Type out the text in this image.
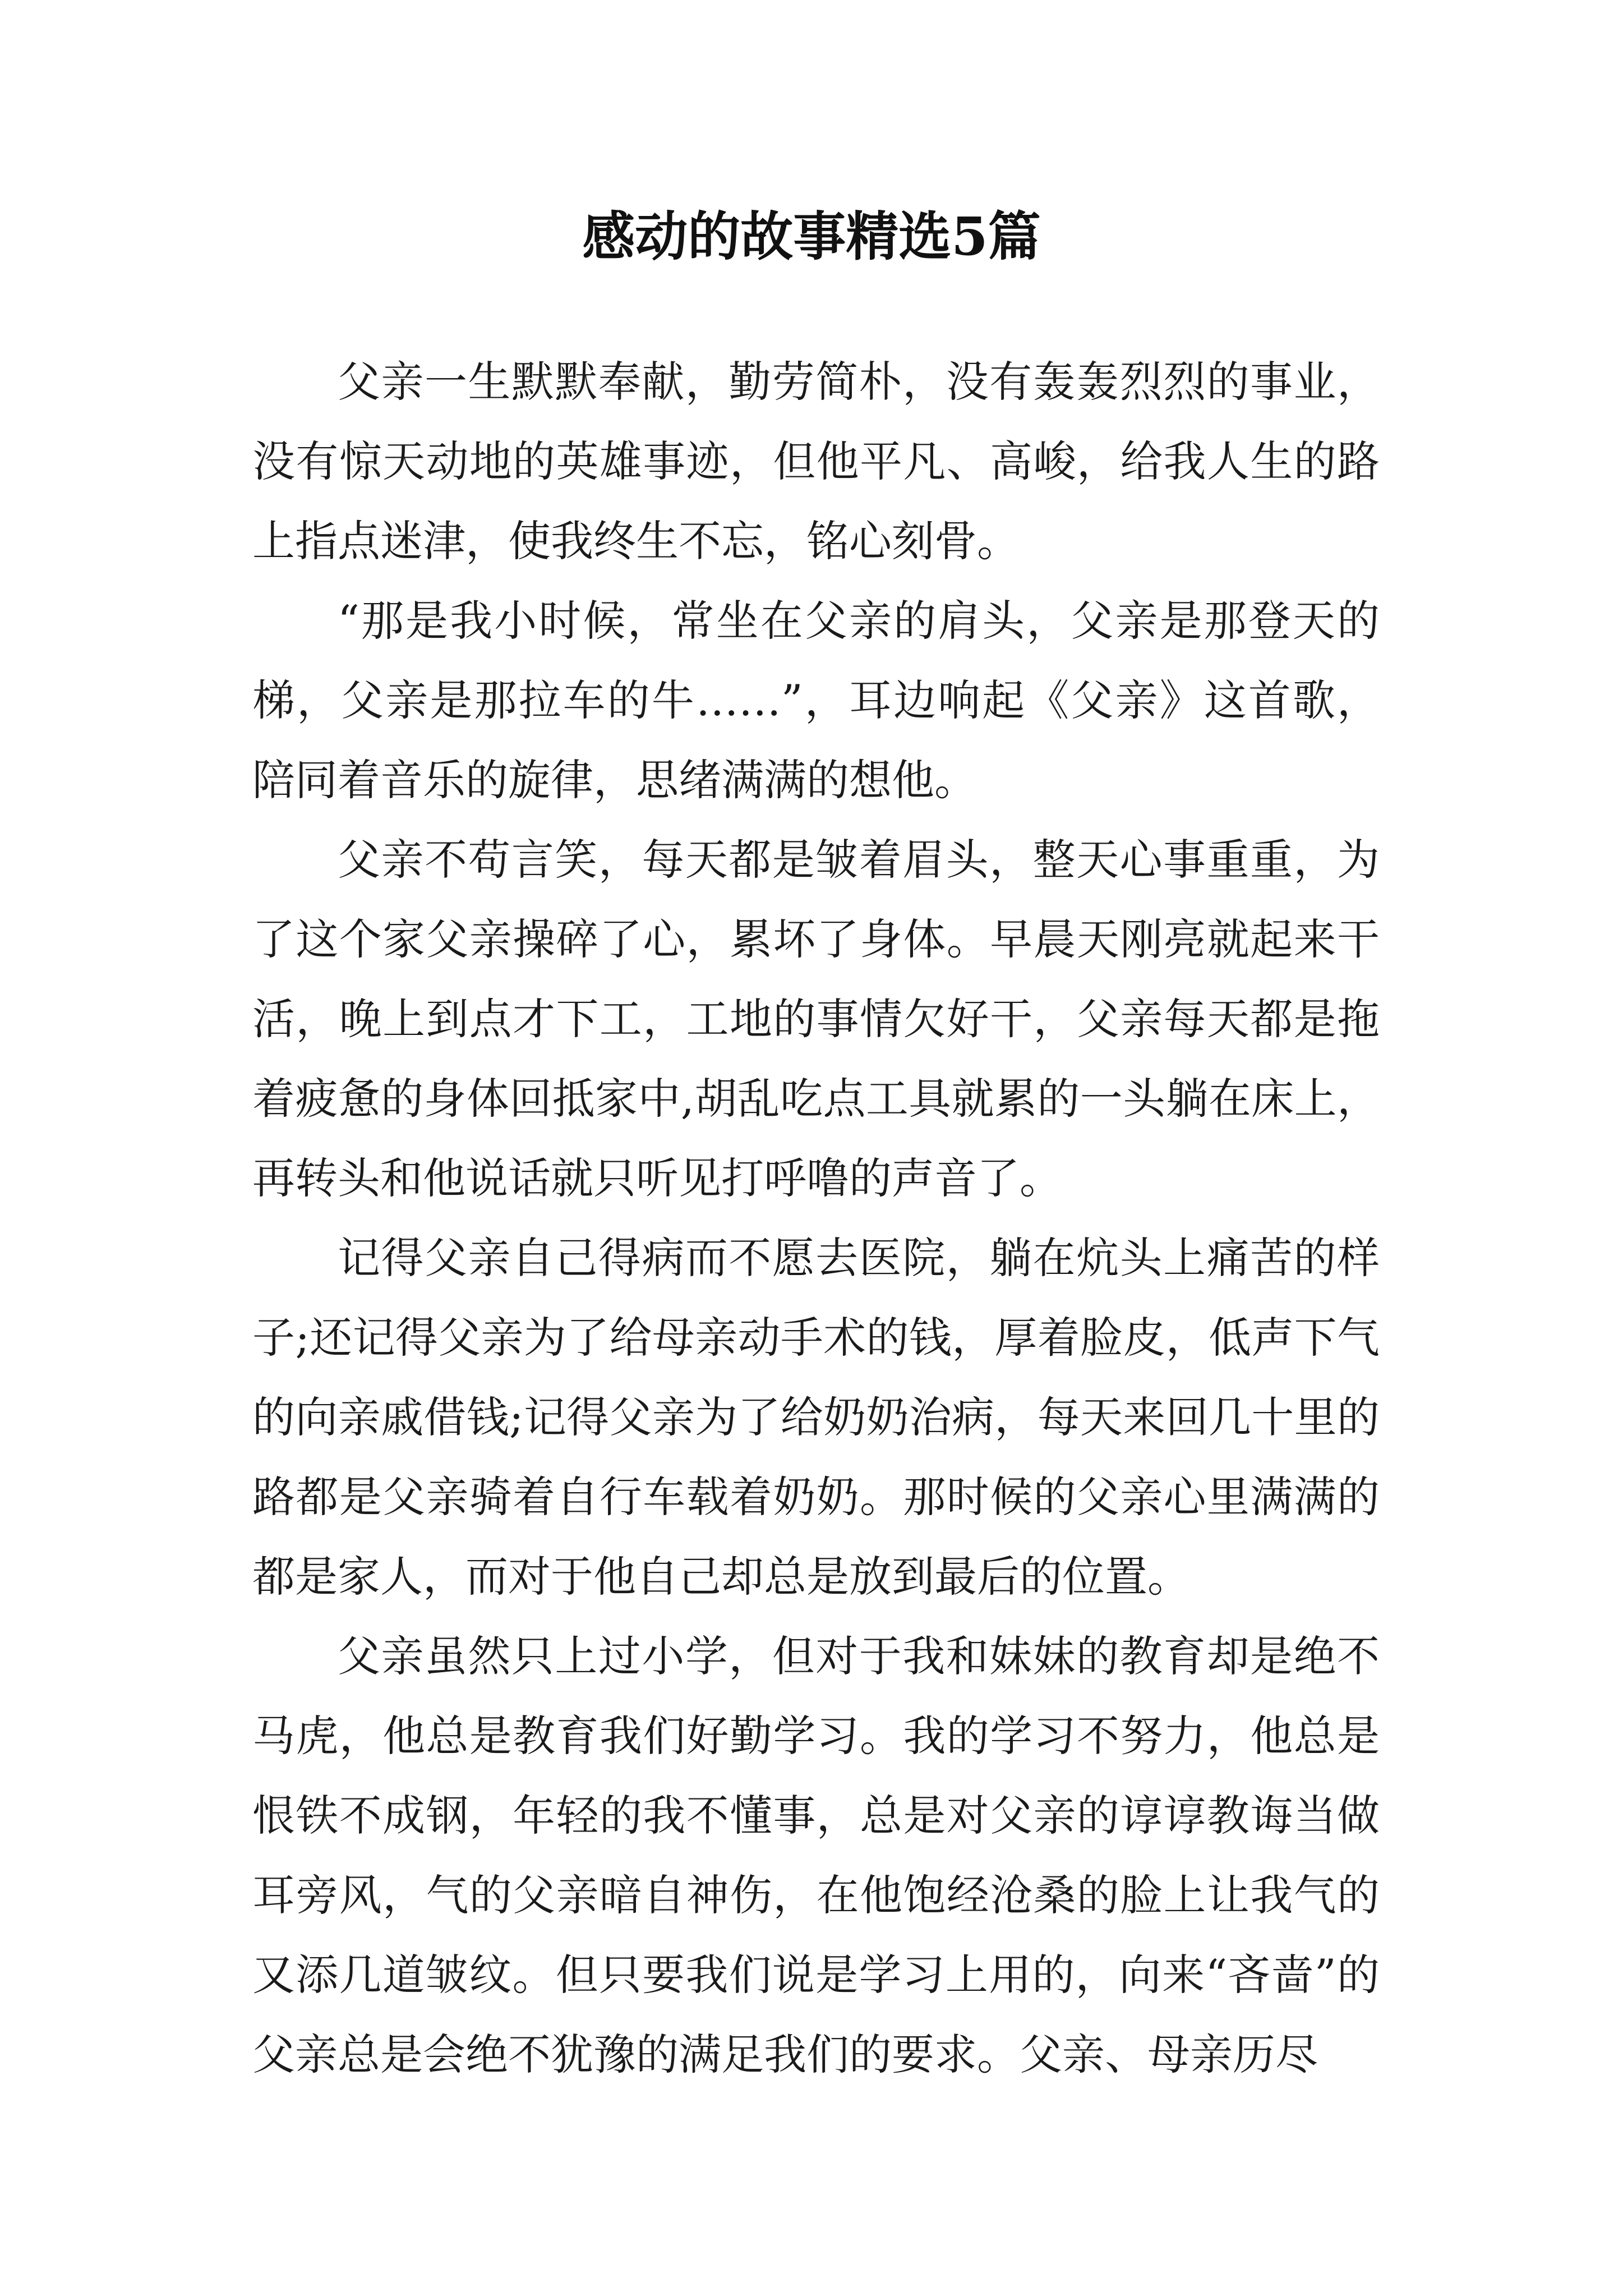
感动的故事精选5篇

父亲一生默默奉献，勤劳简朴，没有轰轰烈烈的事业，没有惊天动地的英雄事迹，但他平凡、高峻，给我人生的路上指点迷津，使我终生不忘，铭心刻骨。

“那是我小时候，常坐在父亲的肩头，父亲是那登天的梯，父亲是那拉车的牛……”，耳边响起《父亲》这首歌，陪同着音乐的旋律，思绪满满的想他。

父亲不苟言笑，每天都是皱着眉头，整天心事重重，为了这个家父亲操碎了心，累坏了身体。早晨天刚亮就起来干活，晚上到点才下工，工地的事情欠好干，父亲每天都是拖着疲惫的身体回抵家中,胡乱吃点工具就累的一头躺在床上，再转头和他说话就只听见打呼噜的声音了。

记得父亲自己得病而不愿去医院，躺在炕头上痛苦的样子;还记得父亲为了给母亲动手术的钱，厚着脸皮，低声下气的向亲戚借钱;记得父亲为了给奶奶治病，每天来回几十里的路都是父亲骑着自行车载着奶奶。那时候的父亲心里满满的都是家人，而对于他自己却总是放到最后的位置。

父亲虽然只上过小学，但对于我和妹妹的教育却是绝不马虎，他总是教育我们好勤学习。我的学习不努力，他总是恨铁不成钢，年轻的我不懂事，总是对父亲的谆谆教诲当做耳旁风，气的父亲暗自神伤，在他饱经沧桑的脸上让我气的又添几道皱纹。但只要我们说是学习上用的，向来“吝啬”的父亲总是会绝不犹豫的满足我们的要求。父亲、母亲历尽
